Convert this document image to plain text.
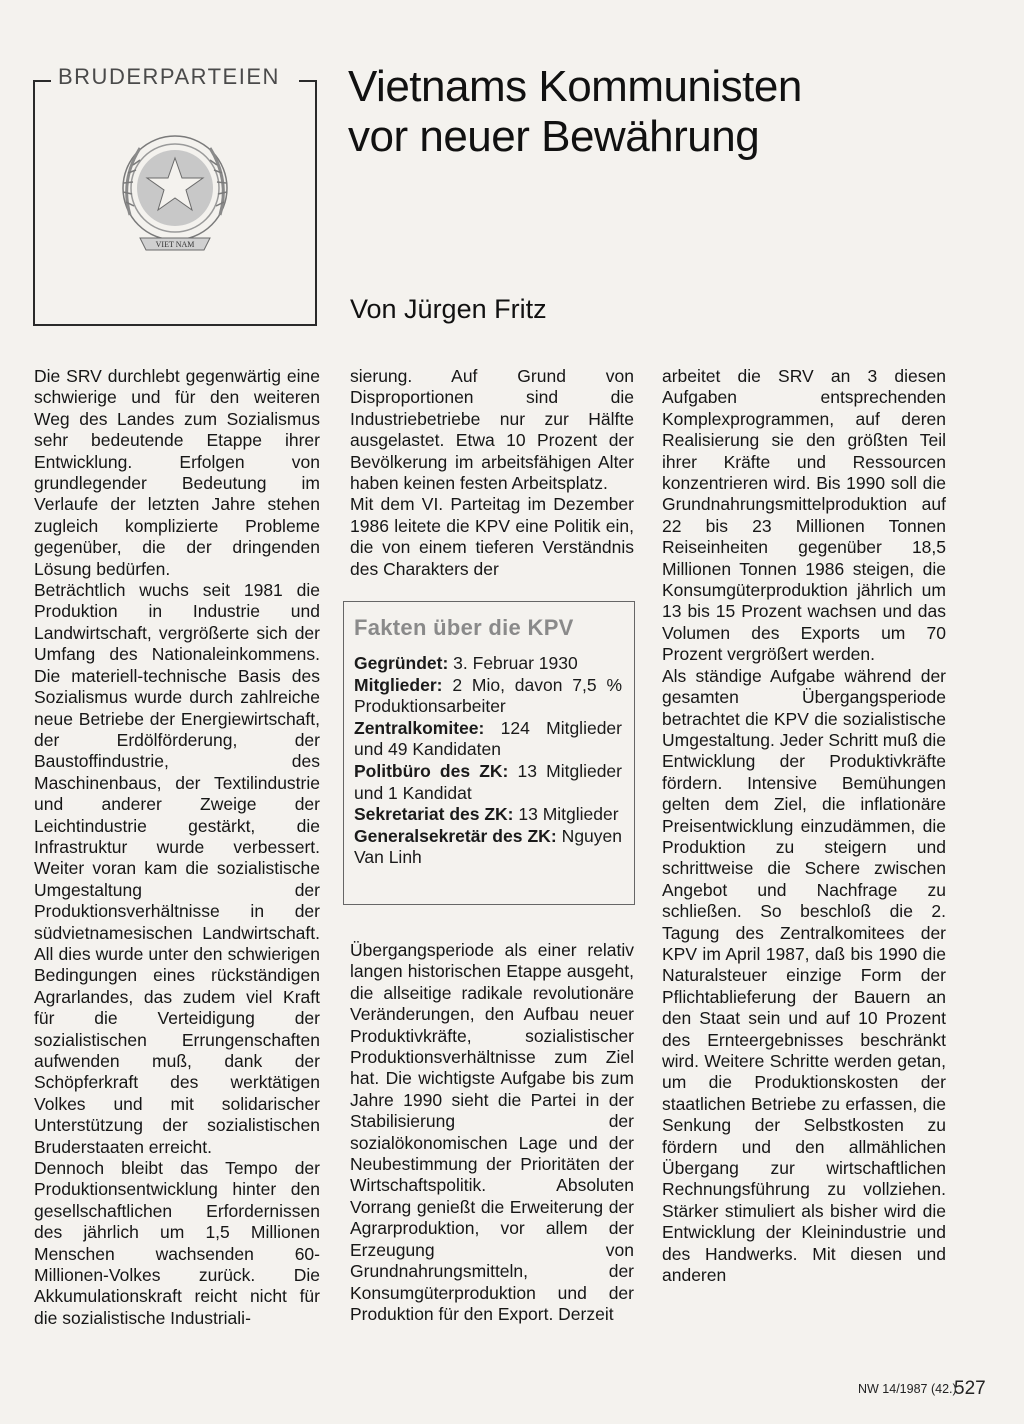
BRUDERPARTEIEN
VIET NAM
Vietnams Kommunisten
vor neuer Bewährung
Von Jürgen Fritz

Die SRV durchlebt gegenwärtig eine schwierige und für den weiteren Weg des Landes zum Sozialismus sehr bedeutende Etappe ihrer Entwicklung. Erfolgen von grundlegender Bedeutung im Verlaufe der letzten Jahre stehen zugleich komplizierte Probleme gegenüber, die der dringenden Lösung bedürfen.

Beträchtlich wuchs seit 1981 die Produktion in Industrie und Landwirtschaft, vergrößerte sich der Umfang des Nationaleinkommens. Die materiell-technische Basis des Sozialismus wurde durch zahlreiche neue Betriebe der Energiewirtschaft, der Erdölförderung, der Baustoffindustrie, des Maschinenbaus, der Textilindustrie und anderer Zweige der Leichtindustrie gestärkt, die Infrastruktur wurde verbessert. Weiter voran kam die sozialistische Umgestaltung der Produktionsverhältnisse in der südvietnamesischen Landwirtschaft. All dies wurde unter den schwierigen Bedingungen eines rückständigen Agrarlandes, das zudem viel Kraft für die Verteidigung der sozialistischen Errungenschaften aufwenden muß, dank der Schöpferkraft des werktätigen Volkes und mit solidarischer Unterstützung der sozialistischen Bruderstaaten erreicht.

Dennoch bleibt das Tempo der Produktionsentwicklung hinter den gesellschaftlichen Erfordernissen des jährlich um 1,5 Millionen Menschen wachsenden 60-Millionen-Volkes zurück. Die Akkumulationskraft reicht nicht für die sozialistische Industriali-

sierung. Auf Grund von Disproportionen sind die Industriebetriebe nur zur Hälfte ausgelastet. Etwa 10 Prozent der Bevölkerung im arbeitsfähigen Alter haben keinen festen Arbeitsplatz.

Mit dem VI. Parteitag im Dezember 1986 leitete die KPV eine Politik ein, die von einem tieferen Verständnis des Charakters der

Fakten über die KPV
Gegründet: 3. Februar 1930
Mitglieder: 2 Mio, davon 7,5 % Produktionsarbeiter
Zentralkomitee: 124 Mitglieder und 49 Kandidaten
Politbüro des ZK: 13 Mitglieder und 1 Kandidat
Sekretariat des ZK: 13 Mitglieder
Generalsekretär des ZK: Nguyen Van Linh

Übergangsperiode als einer relativ langen historischen Etappe ausgeht, die allseitige radikale revolutionäre Veränderungen, den Aufbau neuer Produktivkräfte, sozialistischer Produktionsverhältnisse zum Ziel hat. Die wichtigste Aufgabe bis zum Jahre 1990 sieht die Partei in der Stabilisierung der sozialökonomischen Lage und der Neubestimmung der Prioritäten der Wirtschaftspolitik. Absoluten Vorrang genießt die Erweiterung der Agrarproduktion, vor allem der Erzeugung von Grundnahrungsmitteln, der Konsumgüterproduktion und der Produktion für den Export. Derzeit

arbeitet die SRV an 3 diesen Aufgaben entsprechenden Komplexprogrammen, auf deren Realisierung sie den größten Teil ihrer Kräfte und Ressourcen konzentrieren wird. Bis 1990 soll die Grundnahrungsmittelproduktion auf 22 bis 23 Millionen Tonnen Reiseinheiten gegenüber 18,5 Millionen Tonnen 1986 steigen, die Konsumgüterproduktion jährlich um 13 bis 15 Prozent wachsen und das Volumen des Exports um 70 Prozent vergrößert werden.

Als ständige Aufgabe während der gesamten Übergangsperiode betrachtet die KPV die sozialistische Umgestaltung. Jeder Schritt muß die Entwicklung der Produktivkräfte fördern. Intensive Bemühungen gelten dem Ziel, die inflationäre Preisentwicklung einzudämmen, die Produktion zu steigern und schrittweise die Schere zwischen Angebot und Nachfrage zu schließen. So beschloß die 2. Tagung des Zentralkomitees der KPV im April 1987, daß bis 1990 die Naturalsteuer einzige Form der Pflichtablieferung der Bauern an den Staat sein und auf 10 Prozent des Ernteergebnisses beschränkt wird. Weitere Schritte werden getan, um die Produktionskosten der staatlichen Betriebe zu erfassen, die Senkung der Selbstkosten zu fördern und den allmählichen Übergang zur wirtschaftlichen Rechnungsführung zu vollziehen. Stärker stimuliert als bisher wird die Entwicklung der Kleinindustrie und des Handwerks. Mit diesen und anderen

NW 14/1987 (42.)
527
